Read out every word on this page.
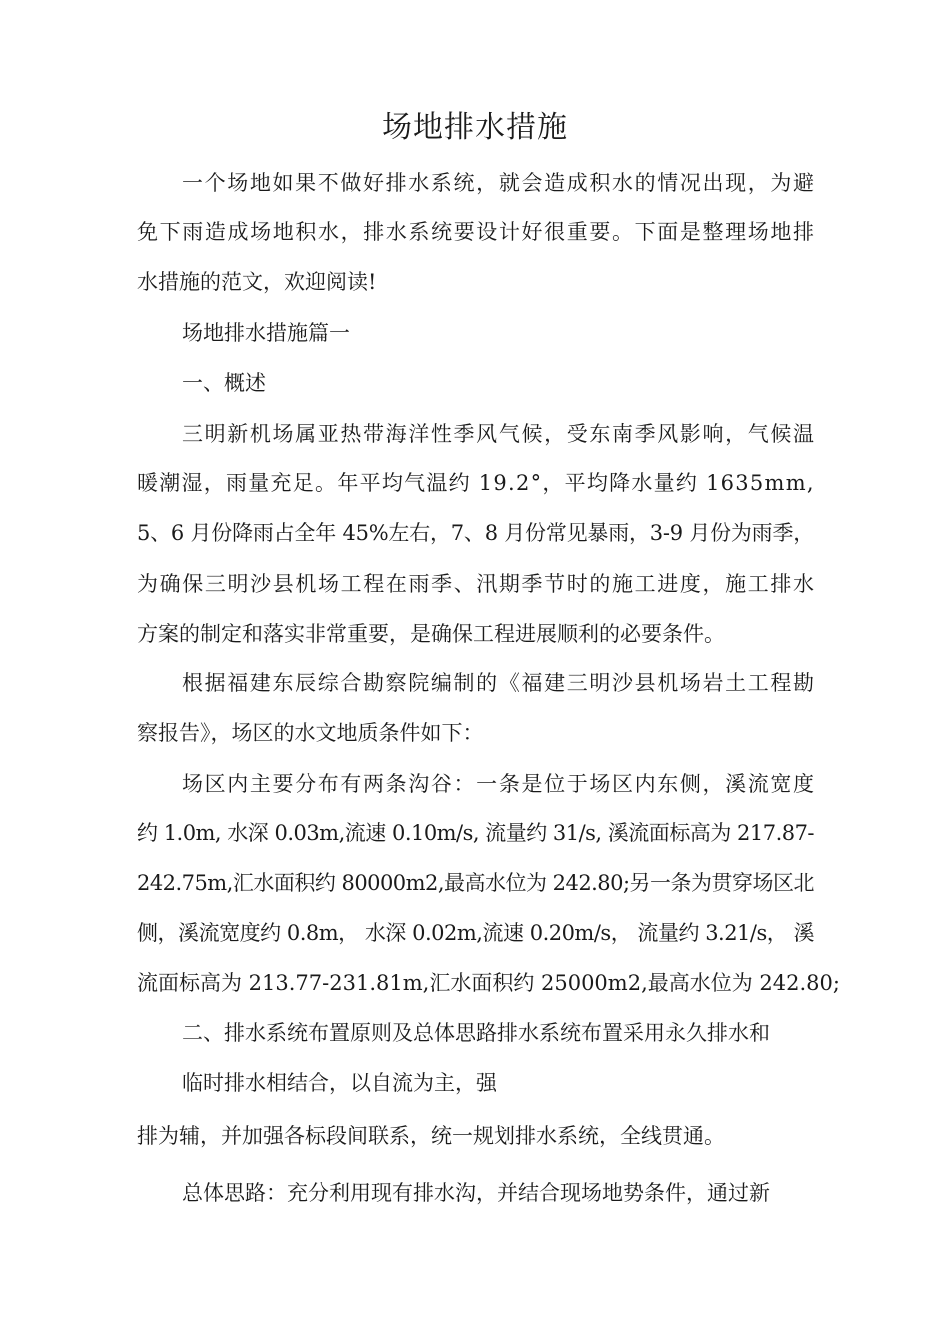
场地排水措施
一个场地如果不做好排水系统，就会造成积水的情况出现，为避
免下雨造成场地积水，排水系统要设计好很重要。下面是整理场地排
水措施的范文，欢迎阅读!
场地排水措施篇一
一、概述
三明新机场属亚热带海洋性季风气候，受东南季风影响，气候温
暖潮湿，雨量充足。年平均气温约 19.2°，平均降水量约 1635mm,
5、6 月份降雨占全年 45%左右，7、8 月份常见暴雨，3-9 月份为雨季，
为确保三明沙县机场工程在雨季、汛期季节时的施工进度，施工排水
方案的制定和落实非常重要，是确保工程进展顺利的必要条件。
根据福建东辰综合勘察院编制的《福建三明沙县机场岩土工程勘
察报告》，场区的水文地质条件如下：
场区内主要分布有两条沟谷：一条是位于场区内东侧，溪流宽度
约 1.0m, 水深 0.03m,流速 0.10m/s, 流量约 31/s, 溪流面标高为 217.87-
242.75m,汇水面积约 80000m2,最高水位为 242.80;另一条为贯穿场区北
侧，溪流宽度约 0.8m， 水深 0.02m,流速 0.20m/s， 流量约 3.21/s， 溪
流面标高为 213.77-231.81m,汇水面积约 25000m2,最高水位为 242.80;
二、排水系统布置原则及总体思路排水系统布置采用永久排水和
临时排水相结合，以自流为主，强
排为辅，并加强各标段间联系，统一规划排水系统，全线贯通。
总体思路：充分利用现有排水沟，并结合现场地势条件，通过新
